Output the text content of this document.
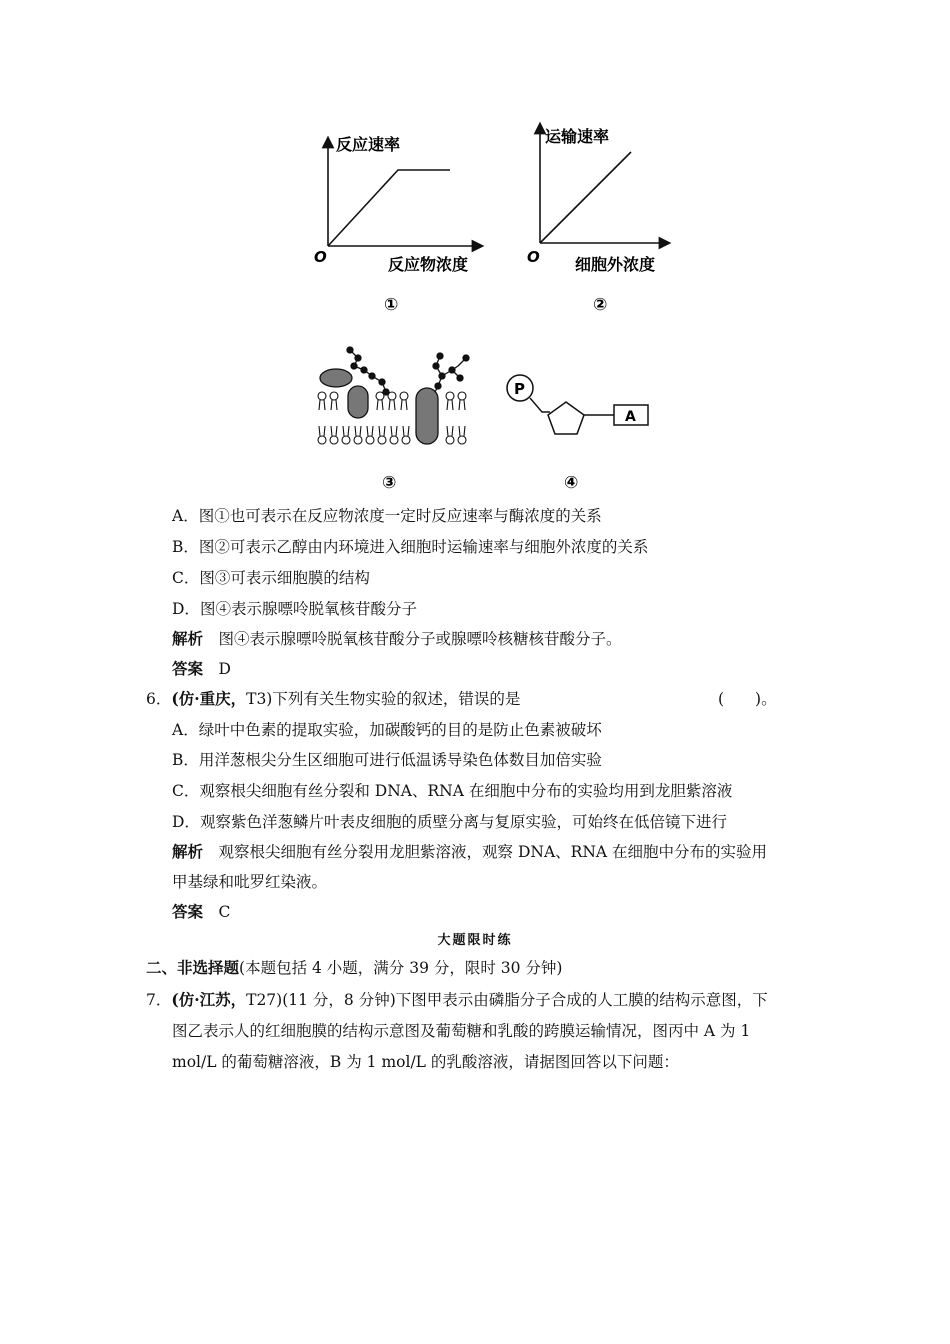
反应速率
O	反应物浓度
①
运输速率
O 细胞外浓度
②
③
P
A
④
A．图①也可表示在反应物浓度一定时反应速率与酶浓度的关系
B．图②可表示乙醇由内环境进入细胞时运输速率与细胞外浓度的关系
C．图③可表示细胞膜的结构
D．图④表示腺嘌呤脱氧核苷酸分子
解析　 图④表示腺嘌呤脱氧核苷酸分子或腺嘌呤核糖核苷酸分子。
答案　 D
6．(仿·重庆，T3)下列有关生物实验的叙述，错误的是	(　　)。
A．绿叶中色素的提取实验，加碳酸钙的目的是防止色素被破坏
B．用洋葱根尖分生区细胞可进行低温诱导染色体数目加倍实验
C．观察根尖细胞有丝分裂和 DNA、RNA 在细胞中分布的实验均用到龙胆紫溶液
D．观察紫色洋葱鳞片叶表皮细胞的质壁分离与复原实验，可始终在低倍镜下进行
解析　 观察根尖细胞有丝分裂用龙胆紫溶液，观察 DNA、RNA 在细胞中分布的实验用
甲基绿和吡罗红染液。
答案　 C
大题限时练
二、非选择题(本题包括 4 小题，满分 39 分，限时 30 分钟)
7．(仿·江苏，T27)(11 分，8 分钟)下图甲表示由磷脂分子合成的人工膜的结构示意图，下
图乙表示人的红细胞膜的结构示意图及葡萄糖和乳酸的跨膜运输情况，图丙中 A 为 1
mol/L 的葡萄糖溶液，B 为 1 mol/L 的乳酸溶液，请据图回答以下问题：
